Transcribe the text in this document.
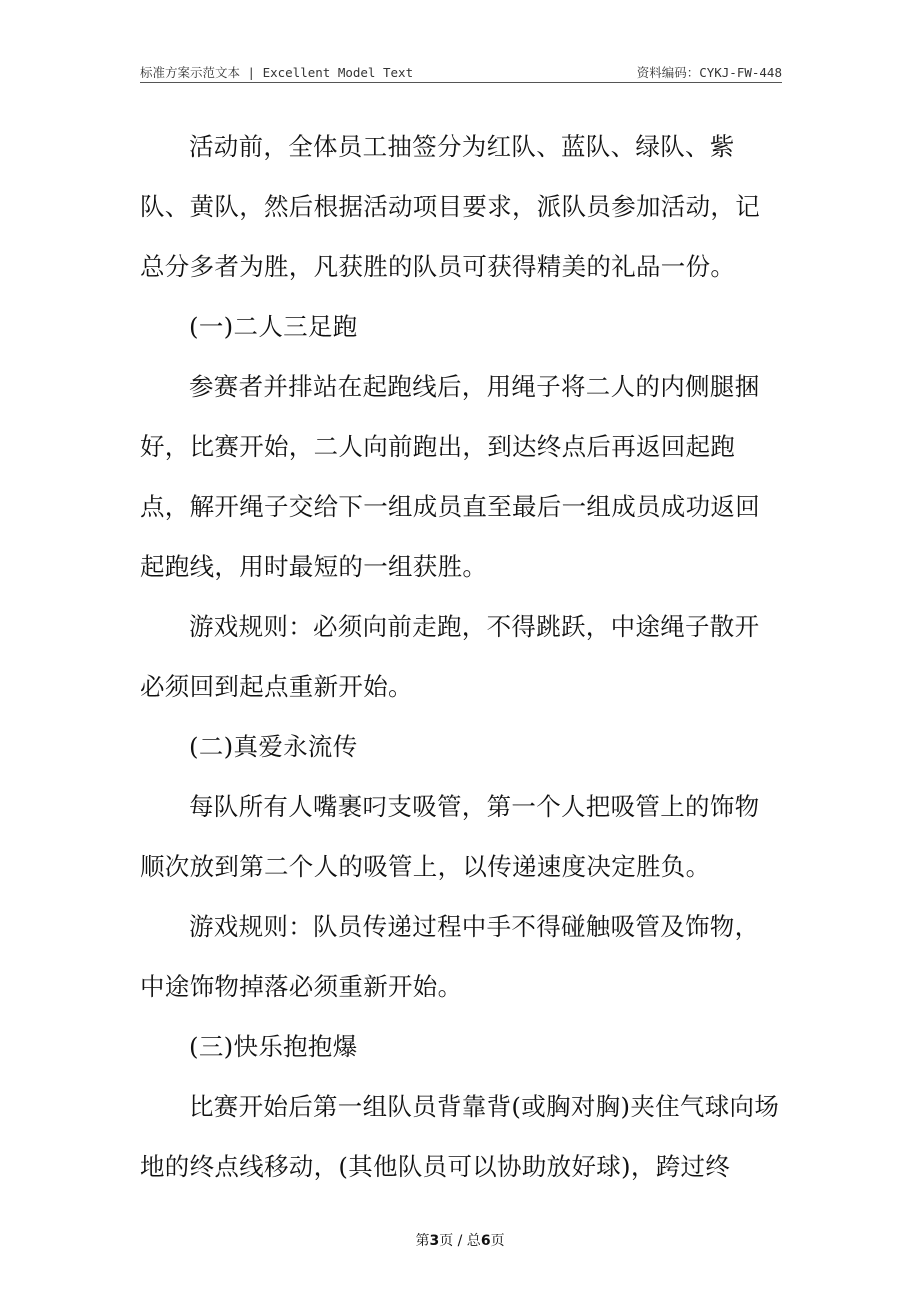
标准方案示范文本 | Excellent Model Text	资料编码：CYKJ-FW-448

活动前，全体员工抽签分为红队、蓝队、绿队、紫队、黄队，然后根据活动项目要求，派队员参加活动，记总分多者为胜，凡获胜的队员可获得精美的礼品一份。

(一)二人三足跑

参赛者并排站在起跑线后，用绳子将二人的内侧腿捆好，比赛开始，二人向前跑出，到达终点后再返回起跑点，解开绳子交给下一组成员直至最后一组成员成功返回起跑线，用时最短的一组获胜。

游戏规则：必须向前走跑，不得跳跃，中途绳子散开必须回到起点重新开始。

(二)真爱永流传

每队所有人嘴裹叼支吸管，第一个人把吸管上的饰物顺次放到第二个人的吸管上，以传递速度决定胜负。

游戏规则：队员传递过程中手不得碰触吸管及饰物，中途饰物掉落必须重新开始。

(三)快乐抱抱爆

比赛开始后第一组队员背靠背(或胸对胸)夹住气球向场地的终点线移动，(其他队员可以协助放好球)，跨过终

第3页 / 总6页
